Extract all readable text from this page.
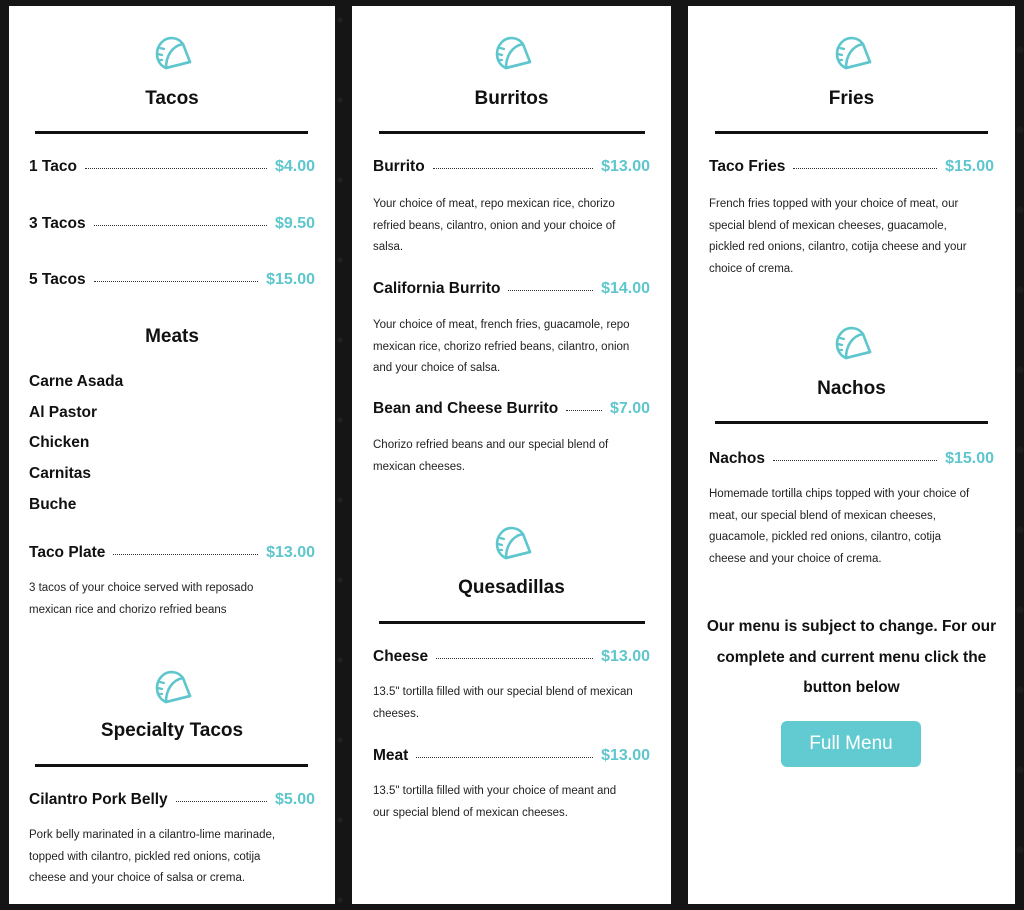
Tacos
1 Taco	$4.00
3 Tacos	$9.50
5 Tacos	$15.00
Meats
Carne Asada
Al Pastor
Chicken
Carnitas
Buche
Taco Plate	$13.00
3 tacos of your choice served with reposado
mexican rice and chorizo refried beans
Specialty Tacos
Cilantro Pork Belly	$5.00
Pork belly marinated in a cilantro-lime marinade,
topped with cilantro, pickled red onions, cotija
cheese and your choice of salsa or crema.
Burritos
Burrito	$13.00
Your choice of meat, repo mexican rice, chorizo
refried beans, cilantro, onion and your choice of
salsa.
California Burrito	$14.00
Your choice of meat, french fries, guacamole, repo
mexican rice, chorizo refried beans, cilantro, onion
and your choice of salsa.
Bean and Cheese Burrito	$7.00
Chorizo refried beans and our special blend of
mexican cheeses.
Quesadillas
Cheese	$13.00
13.5" tortilla filled with our special blend of mexican
cheeses.
Meat	$13.00
13.5" tortilla filled with your choice of meant and
our special blend of mexican cheeses.
Fries
Taco Fries	$15.00
French fries topped with your choice of meat, our
special blend of mexican cheeses, guacamole,
pickled red onions, cilantro, cotija cheese and your
choice of crema.
Nachos
Nachos	$15.00
Homemade tortilla chips topped with your choice of
meat, our special blend of mexican cheeses,
guacamole, pickled red onions, cilantro, cotija
cheese and your choice of crema.
Our menu is subject to change. For our
complete and current menu click the
button below
Full Menu
